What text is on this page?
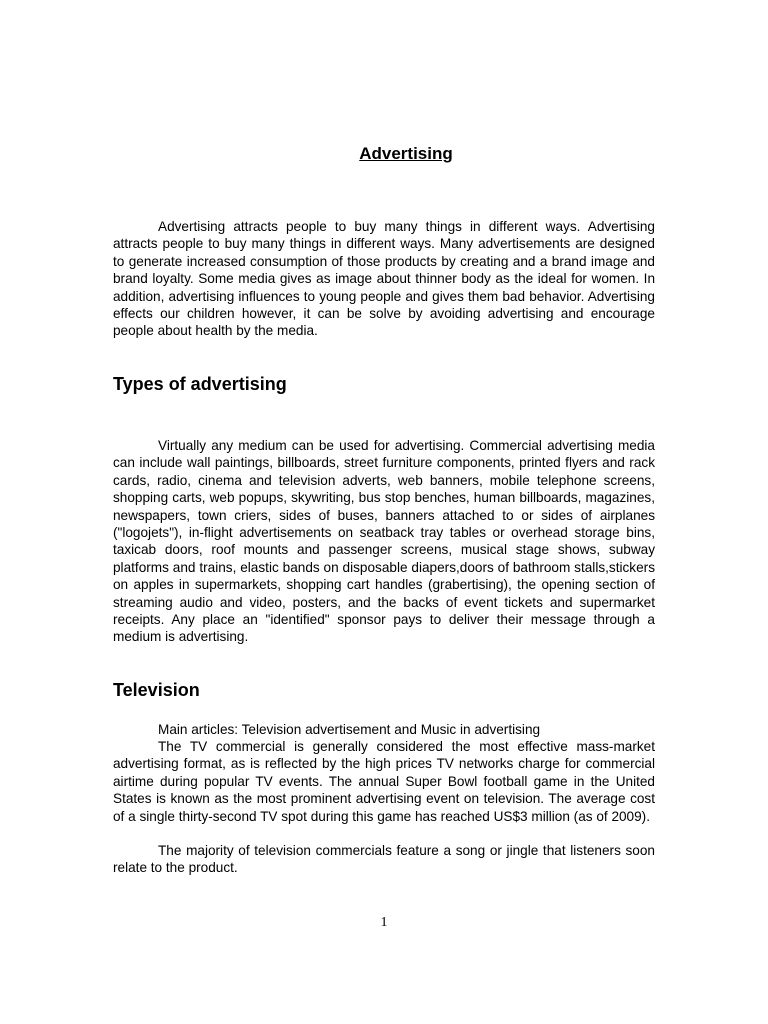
Advertising

Advertising attracts people to buy many things in different ways. Advertising attracts people to buy many things in different ways. Many advertisements are designed to generate increased consumption of those products by creating and a brand image and brand loyalty. Some media gives as image about thinner body as the ideal for women. In addition, advertising influences to young people and gives them bad behavior. Advertising effects our children however, it can be solve by avoiding advertising and encourage people about health by the media.

Types of advertising

Virtually any medium can be used for advertising. Commercial advertising media can include wall paintings, billboards, street furniture components, printed flyers and rack cards, radio, cinema and television adverts, web banners, mobile telephone screens, shopping carts, web popups, skywriting, bus stop benches, human billboards, magazines, newspapers, town criers, sides of buses, banners attached to or sides of airplanes ("logojets"), in-flight advertisements on seatback tray tables or overhead storage bins, taxicab doors, roof mounts and passenger screens, musical stage shows, subway platforms and trains, elastic bands on disposable diapers,doors of bathroom stalls,stickers on apples in supermarkets, shopping cart handles (grabertising), the opening section of streaming audio and video, posters, and the backs of event tickets and supermarket receipts. Any place an "identified" sponsor pays to deliver their message through a medium is advertising.

Television

Main articles: Television advertisement and Music in advertising

The TV commercial is generally considered the most effective mass-market advertising format, as is reflected by the high prices TV networks charge for commercial airtime during popular TV events. The annual Super Bowl football game in the United States is known as the most prominent advertising event on television. The average cost of a single thirty-second TV spot during this game has reached US$3 million (as of 2009).

The majority of television commercials feature a song or jingle that listeners soon relate to the product.

1
